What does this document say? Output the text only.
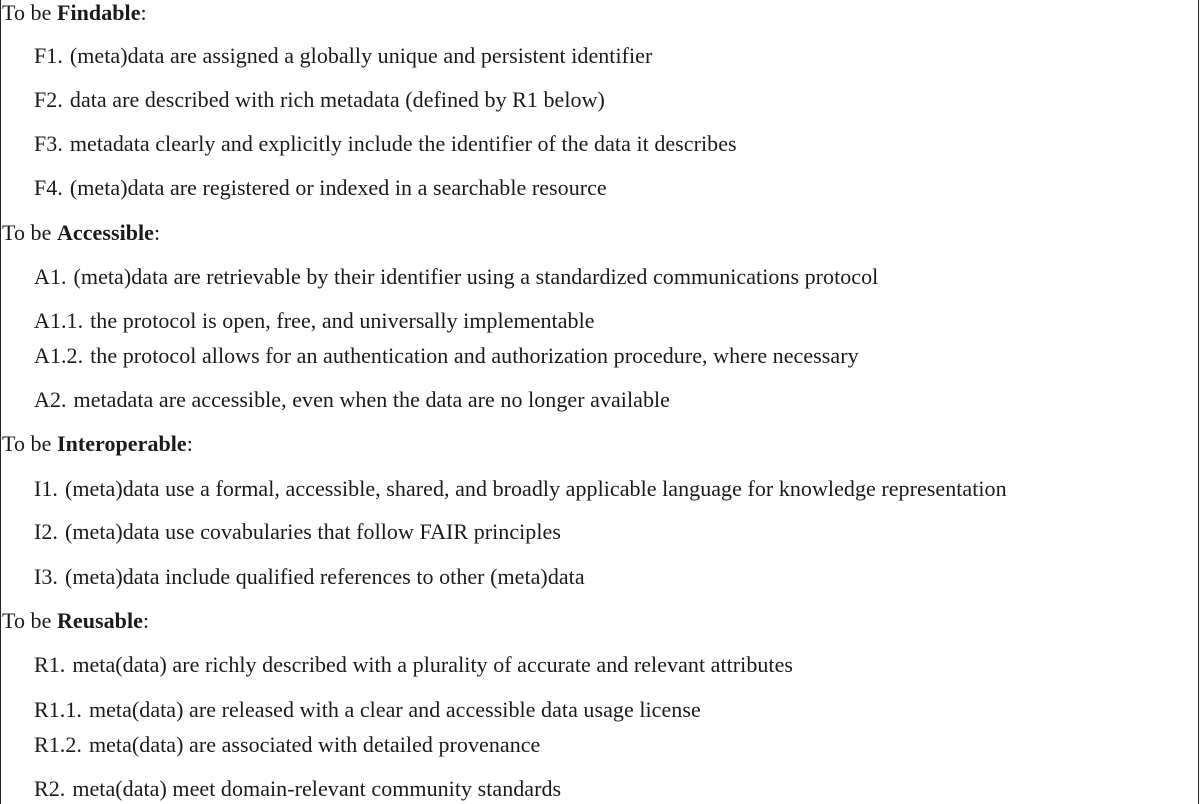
To be Findable:
F1. (meta)data are assigned a globally unique and persistent identifier
F2. data are described with rich metadata (defined by R1 below)
F3. metadata clearly and explicitly include the identifier of the data it describes
F4. (meta)data are registered or indexed in a searchable resource
To be Accessible:
A1. (meta)data are retrievable by their identifier using a standardized communications protocol
A1.1. the protocol is open, free, and universally implementable
A1.2. the protocol allows for an authentication and authorization procedure, where necessary
A2. metadata are accessible, even when the data are no longer available
To be Interoperable:
I1. (meta)data use a formal, accessible, shared, and broadly applicable language for knowledge representation
I2. (meta)data use covabularies that follow FAIR principles
I3. (meta)data include qualified references to other (meta)data
To be Reusable:
R1. meta(data) are richly described with a plurality of accurate and relevant attributes
R1.1. meta(data) are released with a clear and accessible data usage license
R1.2. meta(data) are associated with detailed provenance
R2. meta(data) meet domain-relevant community standards
